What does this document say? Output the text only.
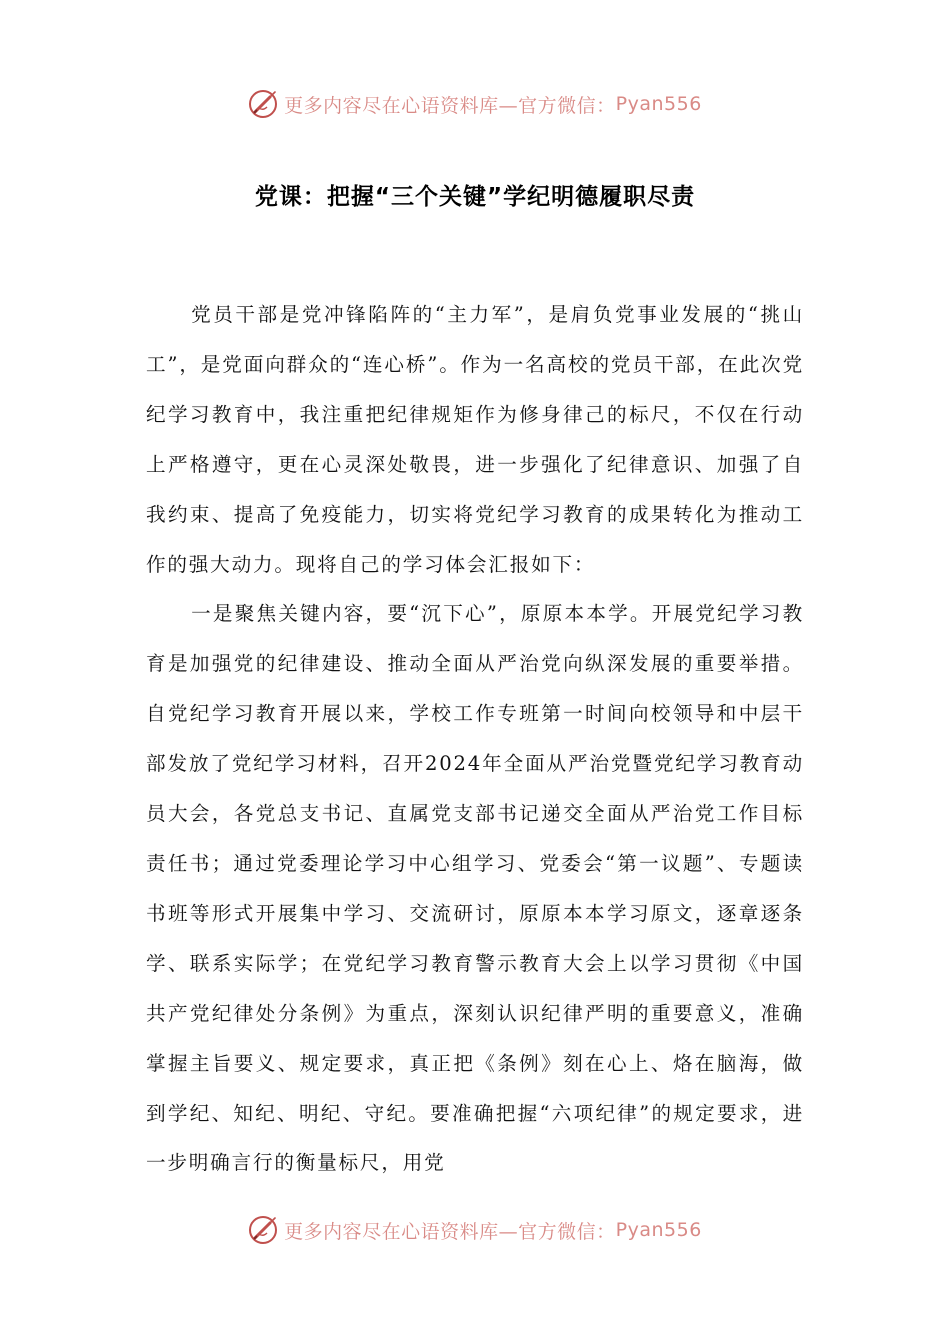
更多内容尽在心语资料库—官方微信： Pyan556
党课：把握“三个关键”学纪明德履职尽责

党员干部是党冲锋陷阵的“主力军”，是肩负党事业发展的“挑山工”，是党面向群众的“连心桥”。作为一名高校的党员干部，在此次党纪学习教育中，我注重把纪律规矩作为修身律己的标尺，不仅在行动上严格遵守，更在心灵深处敬畏，进一步强化了纪律意识、加强了自我约束、提高了免疫能力，切实将党纪学习教育的成果转化为推动工作的强大动力。现将自己的学习体会汇报如下：

一是聚焦关键内容，要“沉下心”，原原本本学。开展党纪学习教育是加强党的纪律建设、推动全面从严治党向纵深发展的重要举措。自党纪学习教育开展以来，学校工作专班第一时间向校领导和中层干部发放了党纪学习材料，召开2024年全面从严治党暨党纪学习教育动员大会，各党总支书记、直属党支部书记递交全面从严治党工作目标责任书；通过党委理论学习中心组学习、党委会“第一议题”、专题读书班等形式开展集中学习、交流研讨，原原本本学习原文，逐章逐条学、联系实际学；在党纪学习教育警示教育大会上以学习贯彻《中国共产党纪律处分条例》为重点，深刻认识纪律严明的重要意义，准确掌握主旨要义、规定要求，真正把《条例》刻在心上、烙在脑海，做到学纪、知纪、明纪、守纪。要准确把握“六项纪律”的规定要求，进一步明确言行的衡量标尺，用党

更多内容尽在心语资料库—官方微信： Pyan556
